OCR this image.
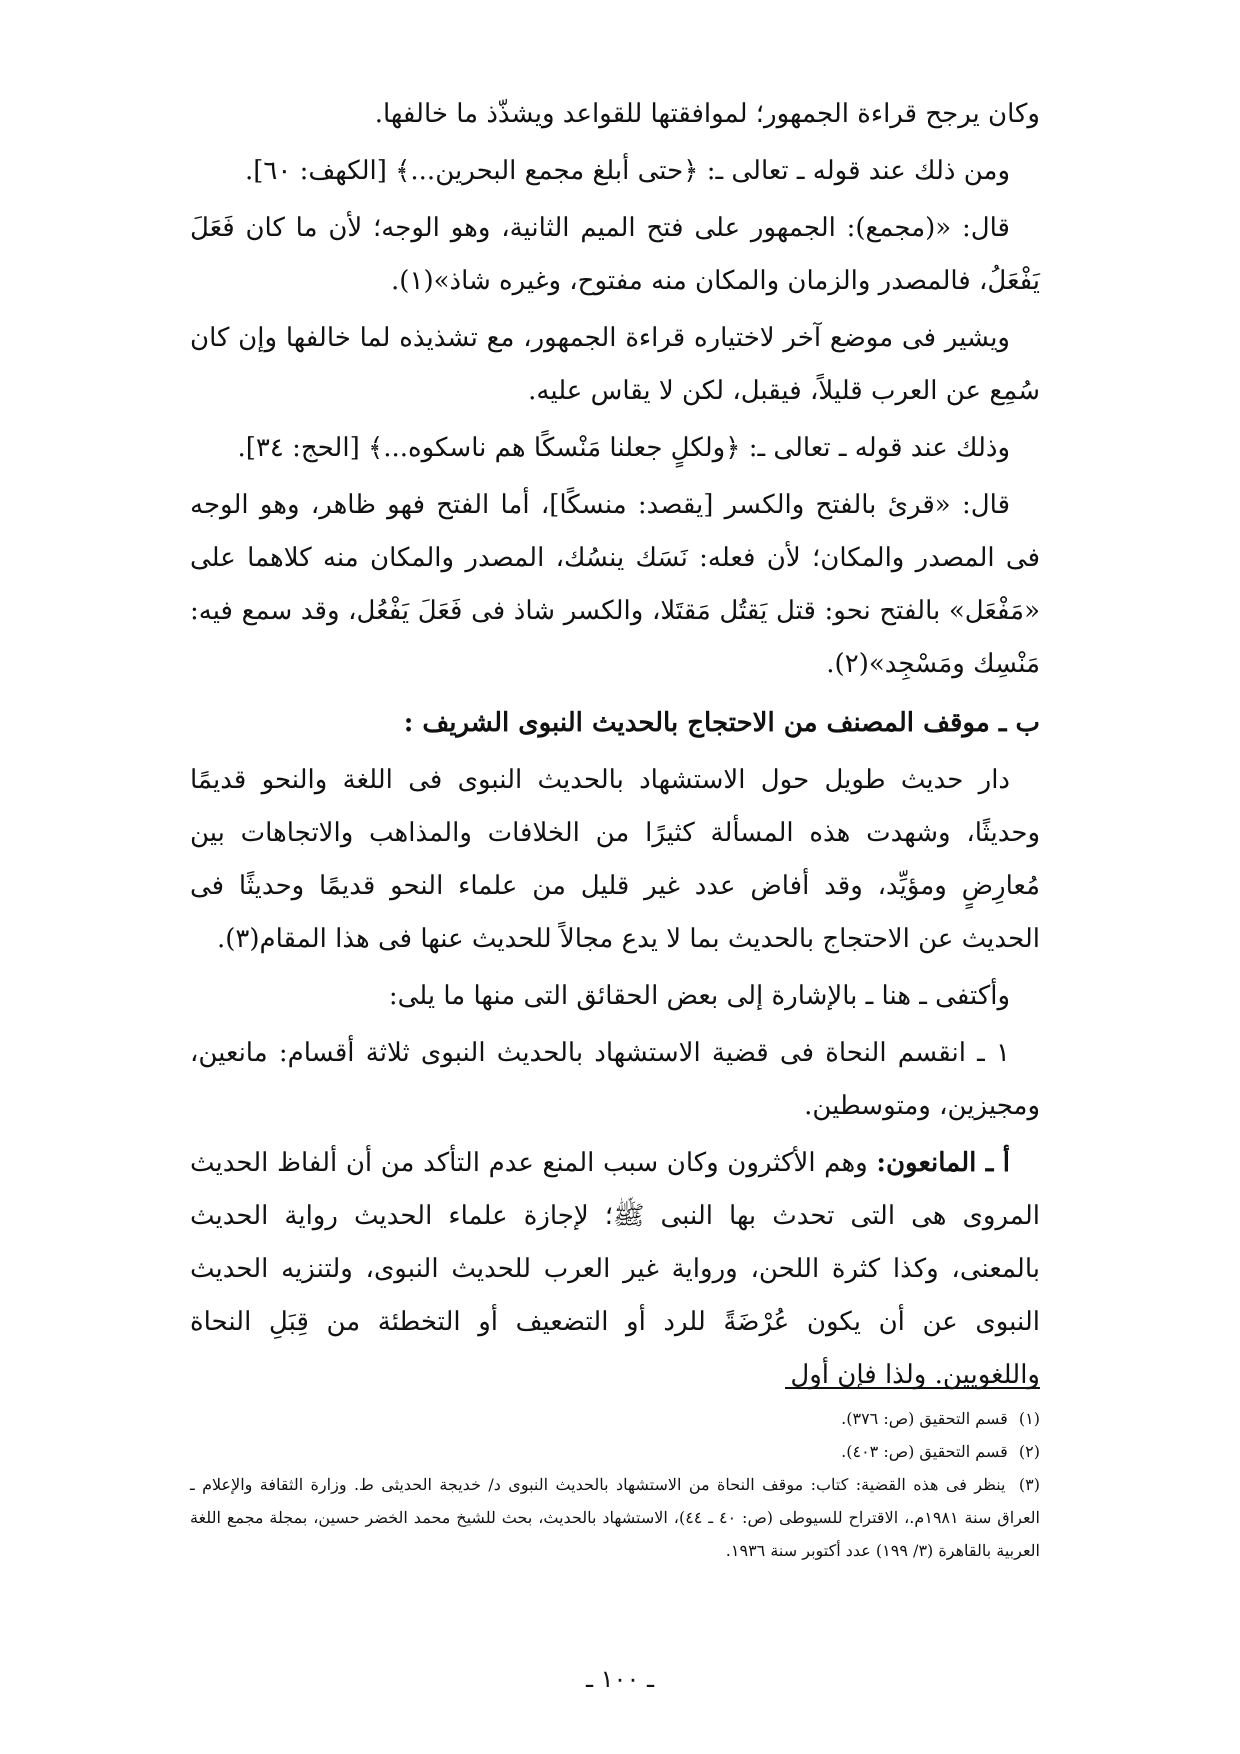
وكان يرجح قراءة الجمهور؛ لموافقتها للقواعد ويشذّذ ما خالفها.

ومن ذلك عند قوله ـ تعالى ـ: ﴿حتى أبلغ مجمع البحرين...﴾ [الكهف: ٦٠].

قال: «(مجمع): الجمهور على فتح الميم الثانية، وهو الوجه؛ لأن ما كان فَعَلَ يَفْعَلُ، فالمصدر والزمان والمكان منه مفتوح، وغيره شاذ»(١).

ويشير فى موضع آخر لاختياره قراءة الجمهور، مع تشذيذه لما خالفها وإن كان سُمِع عن العرب قليلاً، فيقبل، لكن لا يقاس عليه.

وذلك عند قوله ـ تعالى ـ: ﴿ولكلٍ جعلنا مَنْسكًا هم ناسكوه...﴾ [الحج: ٣٤].

قال: «قرئ بالفتح والكسر [يقصد: منسكًا]، أما الفتح فهو ظاهر، وهو الوجه فى المصدر والمكان؛ لأن فعله: نَسَك ينسُك، المصدر والمكان منه كلاهما على «مَفْعَل» بالفتح نحو: قتل يَقتُل مَقتَلا، والكسر شاذ فى فَعَلَ يَفْعُل، وقد سمع فيه: مَنْسِك ومَسْجِد»(٢).

ب ـ موقف المصنف من الاحتجاج بالحديث النبوى الشريف :

دار حديث طويل حول الاستشهاد بالحديث النبوى فى اللغة والنحو قديمًا وحديثًا، وشهدت هذه المسألة كثيرًا من الخلافات والمذاهب والاتجاهات بين مُعارِضٍ ومؤيِّد، وقد أفاض عدد غير قليل من علماء النحو قديمًا وحديثًا فى الحديث عن الاحتجاج بالحديث بما لا يدع مجالاً للحديث عنها فى هذا المقام(٣).

وأكتفى ـ هنا ـ بالإشارة إلى بعض الحقائق التى منها ما يلى:

١ ـ انقسم النحاة فى قضية الاستشهاد بالحديث النبوى ثلاثة أقسام: مانعين، ومجيزين، ومتوسطين.

أ ـ المانعون: وهم الأكثرون وكان سبب المنع عدم التأكد من أن ألفاظ الحديث المروى هى التى تحدث بها النبى ﷺ؛ لإجازة علماء الحديث رواية الحديث بالمعنى، وكذا كثرة اللحن، ورواية غير العرب للحديث النبوى، ولتنزيه الحديث النبوى عن أن يكون عُرْضَةً للرد أو التضعيف أو التخطئة من قِبَلِ النحاة واللغويين. ولذا فإن أول

(١) قسم التحقيق (ص: ٣٧٦).

(٢) قسم التحقيق (ص: ٤٠٣).

(٣) ينظر فى هذه القضية: كتاب: موقف النحاة من الاستشهاد بالحديث النبوى د/ خديجة الحديثى ط. وزارة الثقافة والإعلام ـ العراق سنة ١٩٨١م.، الاقتراح للسيوطى (ص: ٤٠ ـ ٤٤)، الاستشهاد بالحديث، بحث للشيخ محمد الخضر حسين، بمجلة مجمع اللغة العربية بالقاهرة (٣/ ١٩٩) عدد أكتوبر سنة ١٩٣٦.

ـ ١٠٠ ـ
